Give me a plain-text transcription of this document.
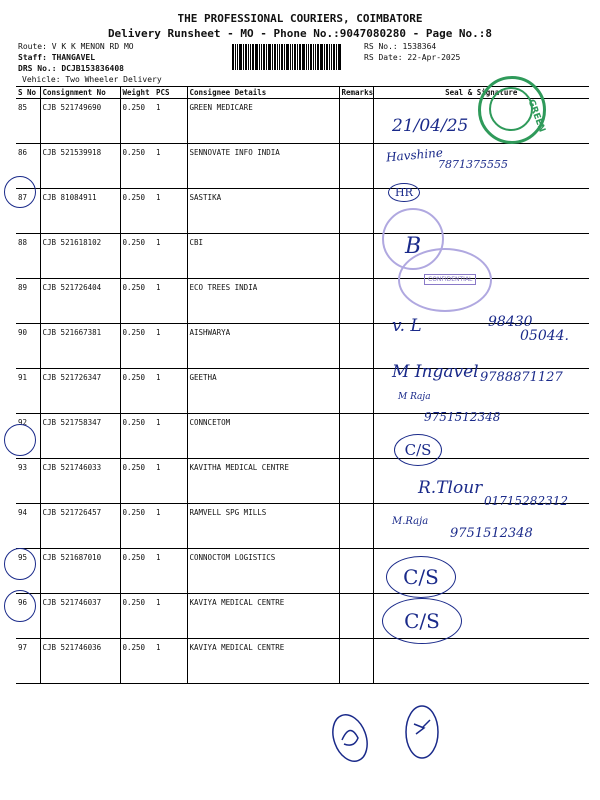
THE PROFESSIONAL COURIERS, COIMBATORE
Delivery Runsheet - MO - Phone No.:9047080280 - Page No.:8
Route: V K K MENON RD MO
Staff: THANGAVEL
DRS No.: DCJB153836408
Vehicle: Two Wheeler Delivery
RS No.: 1538364
RS Date: 22-Apr-2025
S No	Consignment No	Weight	PCS	Consignee Details	Remarks	Seal & Signature
85	CJB 521749690	0.250	1	GREEN MEDICARE		
86	CJB 521539918	0.250	1	SENNOVATE INFO INDIA		
87	CJB 81084911	0.250	1	SASTIKA		
88	CJB 521618102	0.250	1	CBI		
89	CJB 521726404	0.250	1	ECO TREES INDIA		
90	CJB 521667381	0.250	1	AISHWARYA		
91	CJB 521726347	0.250	1	GEETHA		
92	CJB 521758347	0.250	1	CONNCETOM		
93	CJB 521746033	0.250	1	KAVITHA MEDICAL CENTRE		
94	CJB 521726457	0.250	1	RAMVELL SPG MILLS		
95	CJB 521687010	0.250	1	CONNOCTOM LOGISTICS		
96	CJB 521746037	0.250	1	KAVIYA MEDICAL CENTRE		
97	CJB 521746036	0.250	1	KAVIYA MEDICAL CENTRE		
GREEN
CONFIDENTIAL
21/04/25
Havshine
7871375555
HR
B
v. L	98430
05044.
M Ingavel 9788871127
M Raja
9751512348
C/S
R.Tlour
01715282312
M.Raja
9751512348
C/S
C/S
